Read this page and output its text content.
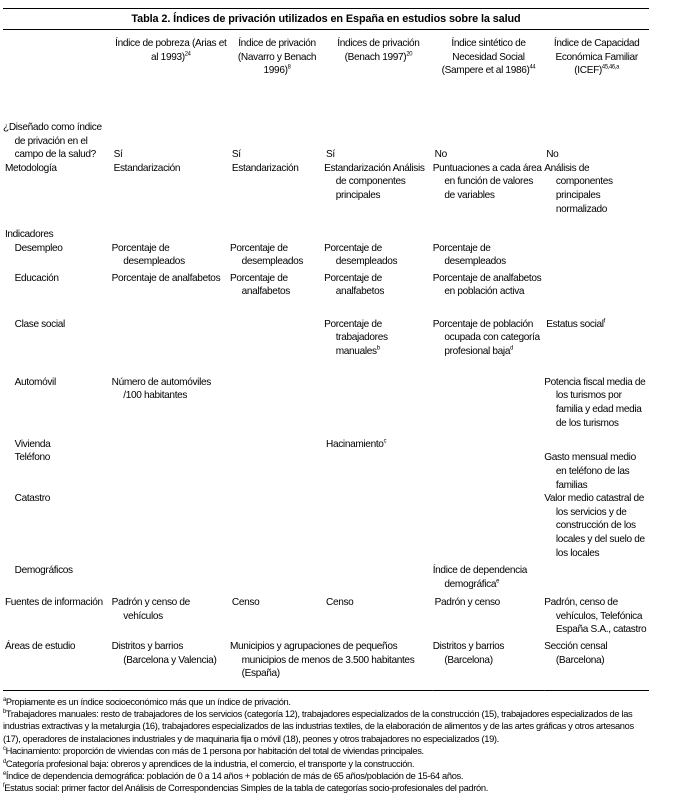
Tabla 2. Índices de privación utilizados en España en estudios sobre la salud
	Índice de pobreza (Arias et al 1993)$^{24}$	Índice de privación (Navarro y Benach 1996)$^8$	Índices de privación (Benach 1997)$^{20}$	Índice sintético de Necesidad Social (Sampere et al 1986)$^{44}$	Índice de Capacidad Económica Familiar (ICEF)$^{45,46,a}$
¿Diseñado como índice de privación en el campo de la salud?	Sí	Sí	Sí	No	No
Metodología	Estandarización	Estandarización	Estandarización Análisis de componentes principales	Puntuaciones a cada área en función de valores de variables	Análisis de componentes principales normalizado

Indicadores					
Desempleo	Porcentaje de desempleados	Porcentaje de desempleados	Porcentaje de desempleados	Porcentaje de desempleados	
Educación	Porcentaje de analfabetos	Porcentaje de analfabetos	Porcentaje de analfabetos	Porcentaje de analfabetos en población activa	
Clase social			Porcentaje de trabajadores manuales$^b$	Porcentaje de población ocupada con categoría profesional baja$^d$	Estatus social$^f$
Automóvil	Número de automóviles /100 habitantes				Potencia fiscal media de los turismos por familia y edad media de los turismos
Vivienda			Hacinamiento$^c$		
Teléfono					Gasto mensual medio en teléfono de las familias
Catastro					Valor medio catastral de los servicios y de construcción de los locales y del suelo de los locales
Demográficos				Índice de dependencia demográfica$^e$	
Fuentes de información	Padrón y censo de vehículos	Censo	Censo	Padrón y censo	Padrón, censo de vehículos, Telefónica España S.A., catastro
Áreas de estudio	Distritos y barrios (Barcelona y Valencia)	Municipios y agrupaciones de pequeños municipios de menos de 3.500 habitantes (España)		Distritos y barrios (Barcelona)	Sección censal (Barcelona)
$^a$Propiamente es un índice socioeconómico más que un índice de privación.
$^b$Trabajadores manuales: resto de trabajadores de los servicios (categoría 12), trabajadores especializados de la construcción (15), trabajadores especializados de las industrias extractivas y la metalurgia (16), trabajadores especializados de las industrias textiles, de la elaboración de alimentos y de las artes gráficas y otros artesanos (17), operadores de instalaciones industriales y de maquinaria fija o móvil (18), peones y otros trabajadores no especializados (19).
$^c$Hacinamiento: proporción de viviendas con más de 1 persona por habitación del total de viviendas principales.
$^d$Categoría profesional baja: obreros y aprendices de la industria, el comercio, el transporte y la construcción.
$^e$Índice de dependencia demográfica: población de 0 a 14 años + población de más de 65 años/población de 15-64 años.
$^f$Estatus social: primer factor del Análisis de Correspondencias Simples de la tabla de categorías socio-profesionales del padrón.
